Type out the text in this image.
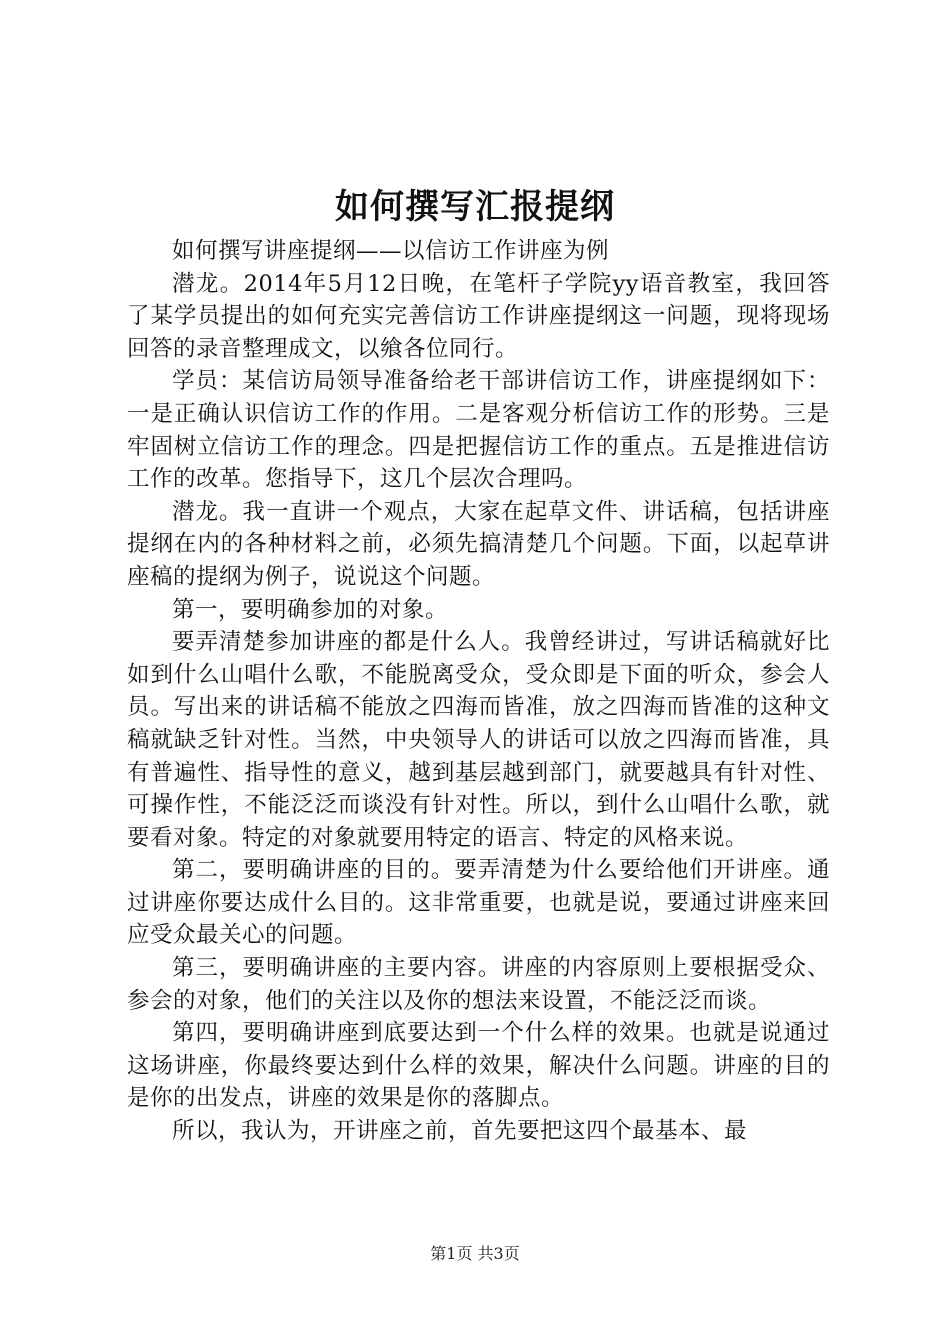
如何撰写汇报提纲

如何撰写讲座提纲——以信访工作讲座为例

潜龙。2014年5月12日晚，在笔杆子学院yy语音教室，我回答了某学员提出的如何充实完善信访工作讲座提纲这一问题，现将现场回答的录音整理成文，以飨各位同行。

学员：某信访局领导准备给老干部讲信访工作，讲座提纲如下：一是正确认识信访工作的作用。二是客观分析信访工作的形势。三是牢固树立信访工作的理念。四是把握信访工作的重点。五是推进信访工作的改革。您指导下，这几个层次合理吗。

潜龙。我一直讲一个观点，大家在起草文件、讲话稿，包括讲座提纲在内的各种材料之前，必须先搞清楚几个问题。下面，以起草讲座稿的提纲为例子，说说这个问题。

第一，要明确参加的对象。

要弄清楚参加讲座的都是什么人。我曾经讲过，写讲话稿就好比如到什么山唱什么歌，不能脱离受众，受众即是下面的听众，参会人员。写出来的讲话稿不能放之四海而皆准，放之四海而皆准的这种文稿就缺乏针对性。当然，中央领导人的讲话可以放之四海而皆准，具有普遍性、指导性的意义，越到基层越到部门，就要越具有针对性、可操作性，不能泛泛而谈没有针对性。所以，到什么山唱什么歌，就要看对象。特定的对象就要用特定的语言、特定的风格来说。

第二，要明确讲座的目的。要弄清楚为什么要给他们开讲座。通过讲座你要达成什么目的。这非常重要，也就是说，要通过讲座来回应受众最关心的问题。

第三，要明确讲座的主要内容。讲座的内容原则上要根据受众、参会的对象，他们的关注以及你的想法来设置，不能泛泛而谈。

第四，要明确讲座到底要达到一个什么样的效果。也就是说通过这场讲座，你最终要达到什么样的效果，解决什么问题。讲座的目的是你的出发点，讲座的效果是你的落脚点。

所以，我认为，开讲座之前，首先要把这四个最基本、最

第1页 共3页
